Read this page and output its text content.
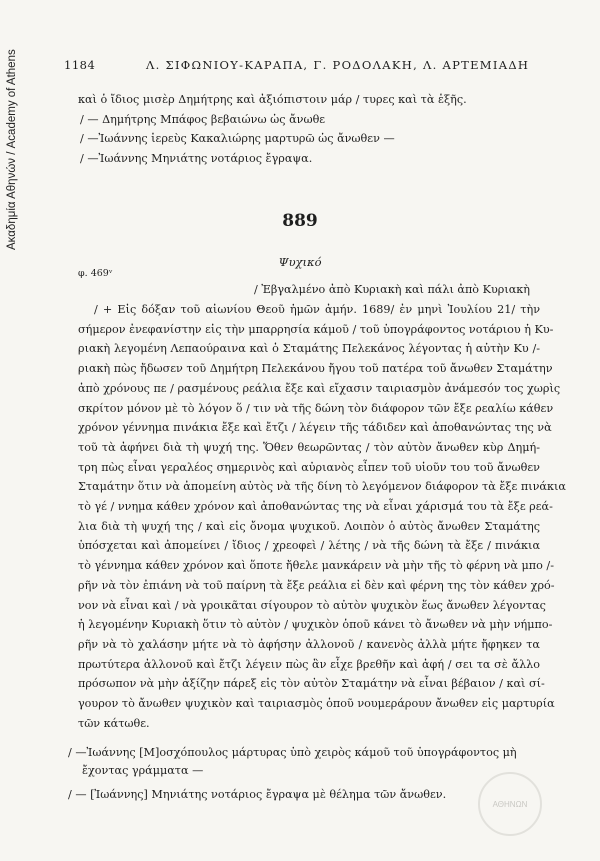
Ακαδημία Αθηνών / Academy of Athens	1184	Λ. ΣΙΦΩΝΙΟΥ-ΚΑΡΑΠΑ, Γ. ΡΟΔΟΛΑΚΗ, Λ. ΑΡΤΕΜΙΑΔΗ
καὶ ὁ ἴδιος μισὲρ Δημήτρης καὶ ἀξιόπιστοιν μάρ / τυρες καὶ τὰ ἑξῆς.
/ — Δημήτρης Μπάφος βεβαιώνω ὡς ἄνωθε
/ —Ἰωάννης ἱερεὺς Κακαλιώρης μαρτυρῶ ὡς ἄνωθεν —
/ —Ἰωάννης Μηνιάτης νοτάριος ἔγραψα.
889
Ψυχικό
φ. 469ᵛ
/ Ἐβγαλμένο ἀπὸ Κυριακὴ καὶ πάλι ἀπὸ Κυριακὴ
/ + Εἰς δόξαν τοῦ αἰωνίου Θεοῦ ἡμῶν ἀμήν. 1689/ ἐν μηνὶ Ἰουλίου 21/ τὴν
σήμερον ἐνεφανίστην εἰς τὴν μπαρρησία κάμοῦ / τοῦ ὑπογράφοντος νοτάριου ἡ Κυ-
ριακὴ λεγομένη Λεπαούραινα καὶ ὁ Σταμάτης Πελεκάνος λέγοντας ἡ αὐτὴν Κυ /-
ριακὴ πὼς ἤδωσεν τοῦ Δημήτρη Πελεκάνου ἤγου τοῦ πατέρα τοῦ ἄνωθεν Σταμάτην
ἀπὸ χρόνους πε / ρασμένους ρεάλια ἔξε καὶ εἴχασιν ταιριασμὸν ἀνάμεσόν τος χωρὶς
σκρίτον μόνον μὲ τὸ λόγον ὅ / τιν νὰ τῆς δώνη τὸν διάφορον τῶν ἔξε ρεαλίω κάθεν
χρόνον γέννημα πινάκια ἔξε καὶ ἔτζι / λέγειν τῆς τάδιδεν καὶ ἀποθανώντας της νὰ
τοῦ τὰ ἀφήνει διὰ τὴ ψυχή της. Ὅθεν θεωρῶντας / τὸν αὐτὸν ἄνωθεν κὺρ Δημή-
τρη πὼς εἶναι γεραλέος σημερινὸς καὶ αὐριανὸς εἶπεν τοῦ υἱοῦν του τοῦ ἄνωθεν
Σταμάτην ὅτιν νὰ ἀπομείνη αὐτὸς νὰ τῆς δίνη τὸ λεγόμενον διάφορον τὰ ἔξε πινάκια
τὸ γέ / ννημα κάθεν χρόνον καὶ ἀποθανώντας της νὰ εἶναι χάρισμά του τὰ ἔξε ρεά-
λια διὰ τὴ ψυχή της / καὶ εἰς ὄνομα ψυχικοῦ. Λοιπὸν ὁ αὐτὸς ἄνωθεν Σταμάτης
ὑπόσχεται καὶ ἀπομείνει / ἴδιος / χρεοφεὶ / λέτης / νὰ τῆς δώνη τὰ ἔξε / πινάκια
τὸ γέννημα κάθεν χρόνον καὶ ὅποτε ἤθελε μανκάρειν νὰ μὴν τῆς τὸ φέρνη νὰ μπο /-
ρῆν νὰ τὸν ἐπιάνη νὰ τοῦ παίρνη τὰ ἔξε ρεάλια εἰ δὲν καὶ φέρνη της τὸν κάθεν χρό-
νον νὰ εἶναι καὶ / νὰ γροικᾶται σίγουρον τὸ αὐτὸν ψυχικὸν ἕως ἄνωθεν λέγοντας
ἡ λεγομένην Κυριακὴ ὅτιν τὸ αὐτὸν / ψυχικὸν ὁποῦ κάνει τὸ ἄνωθεν νὰ μὴν νήμπο-
ρῆν νὰ τὸ χαλάσην μήτε νὰ τὸ ἀφήσην ἀλλονοῦ / κανενὸς ἀλλὰ μήτε ἤφηκεν τα
πρωτύτερα ἀλλονοῦ καὶ ἔτζι λέγειν πὼς ἂν εἶχε βρεθῆν καὶ ἀφή / σει τα σὲ ἄλλο
πρόσωπον νὰ μὴν ἀξίζην πάρεξ εἰς τὸν αὐτὸν Σταμάτην νὰ εἶναι βέβαιον / καὶ σί-
γουρον τὸ ἄνωθεν ψυχικὸν καὶ ταιριασμὸς ὁποῦ νουμεράρουν ἄνωθεν εἰς μαρτυρία
τῶν κάτωθε.
/ —Ἰωάννης [Μ]οσχόπουλος μάρτυρας ὑπὸ χειρὸς κάμοῦ τοῦ ὑπογράφοντος μὴ
ἔχοντας γράμματα —
/ — [Ἰωάννης] Μηνιάτης νοτάριος ἔγραψα μὲ θέλημα τῶν ἄνωθεν.
ΑΘΗΝΩΝ
